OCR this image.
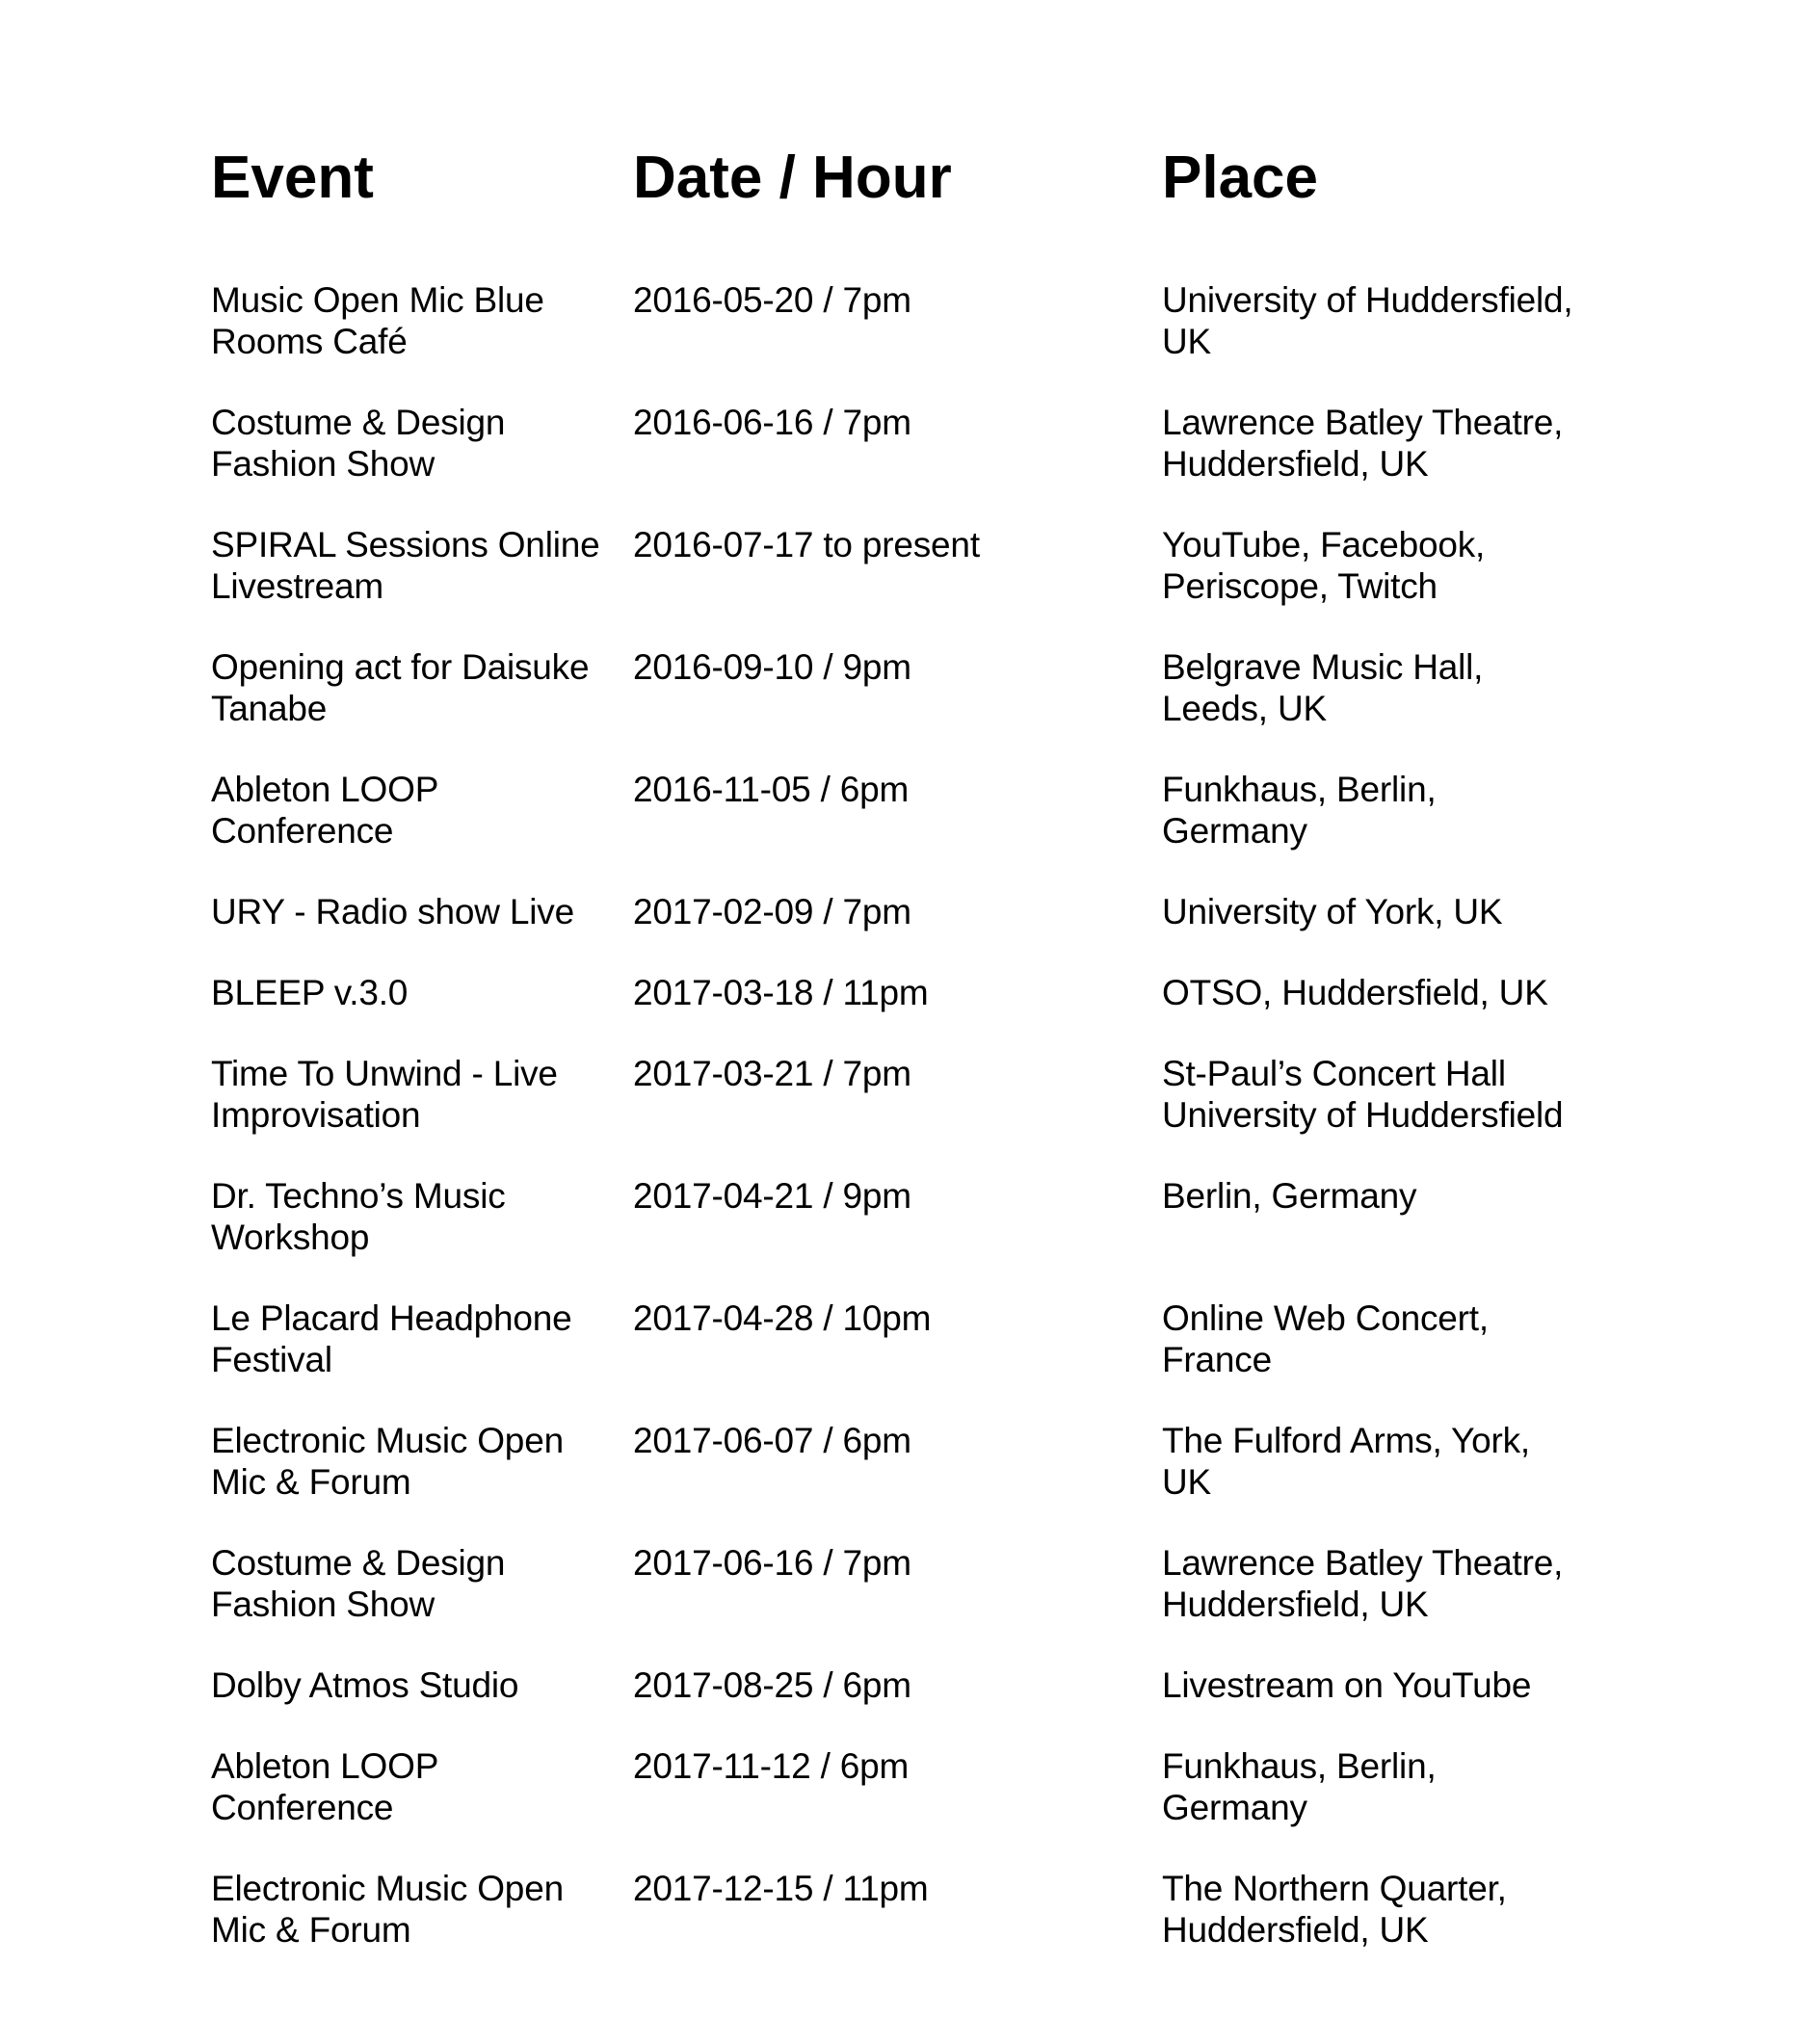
Event	Date / Hour	Place
Music Open Mic Blue Rooms Café	2016-05-20 / 7pm	University of Huddersfield, UK
Costume & Design Fashion Show	2016-06-16 / 7pm	Lawrence Batley Theatre, Huddersfield, UK
SPIRAL Sessions Online Livestream	2016-07-17 to present	YouTube, Facebook, Periscope, Twitch
Opening act for Daisuke Tanabe	2016-09-10 / 9pm	Belgrave Music Hall, Leeds, UK
Ableton LOOP Conference	2016-11-05 / 6pm	Funkhaus, Berlin, Germany
URY - Radio show Live	2017-02-09 / 7pm	University of York, UK
BLEEP v.3.0	2017-03-18 / 11pm	OTSO, Huddersfield, UK
Time To Unwind - Live Improvisation	2017-03-21 / 7pm	St-Paul’s Concert Hall University of Huddersfield
Dr. Techno’s Music Workshop	2017-04-21 / 9pm	Berlin, Germany
Le Placard Headphone Festival	2017-04-28 / 10pm	Online Web Concert, France
Electronic Music Open Mic & Forum	2017-06-07 / 6pm	The Fulford Arms, York, UK
Costume & Design Fashion Show	2017-06-16 / 7pm	Lawrence Batley Theatre, Huddersfield, UK
Dolby Atmos Studio	2017-08-25 / 6pm	Livestream on YouTube
Ableton LOOP Conference	2017-11-12 / 6pm	Funkhaus, Berlin, Germany
Electronic Music Open Mic & Forum	2017-12-15 / 11pm	The Northern Quarter, Huddersfield, UK
